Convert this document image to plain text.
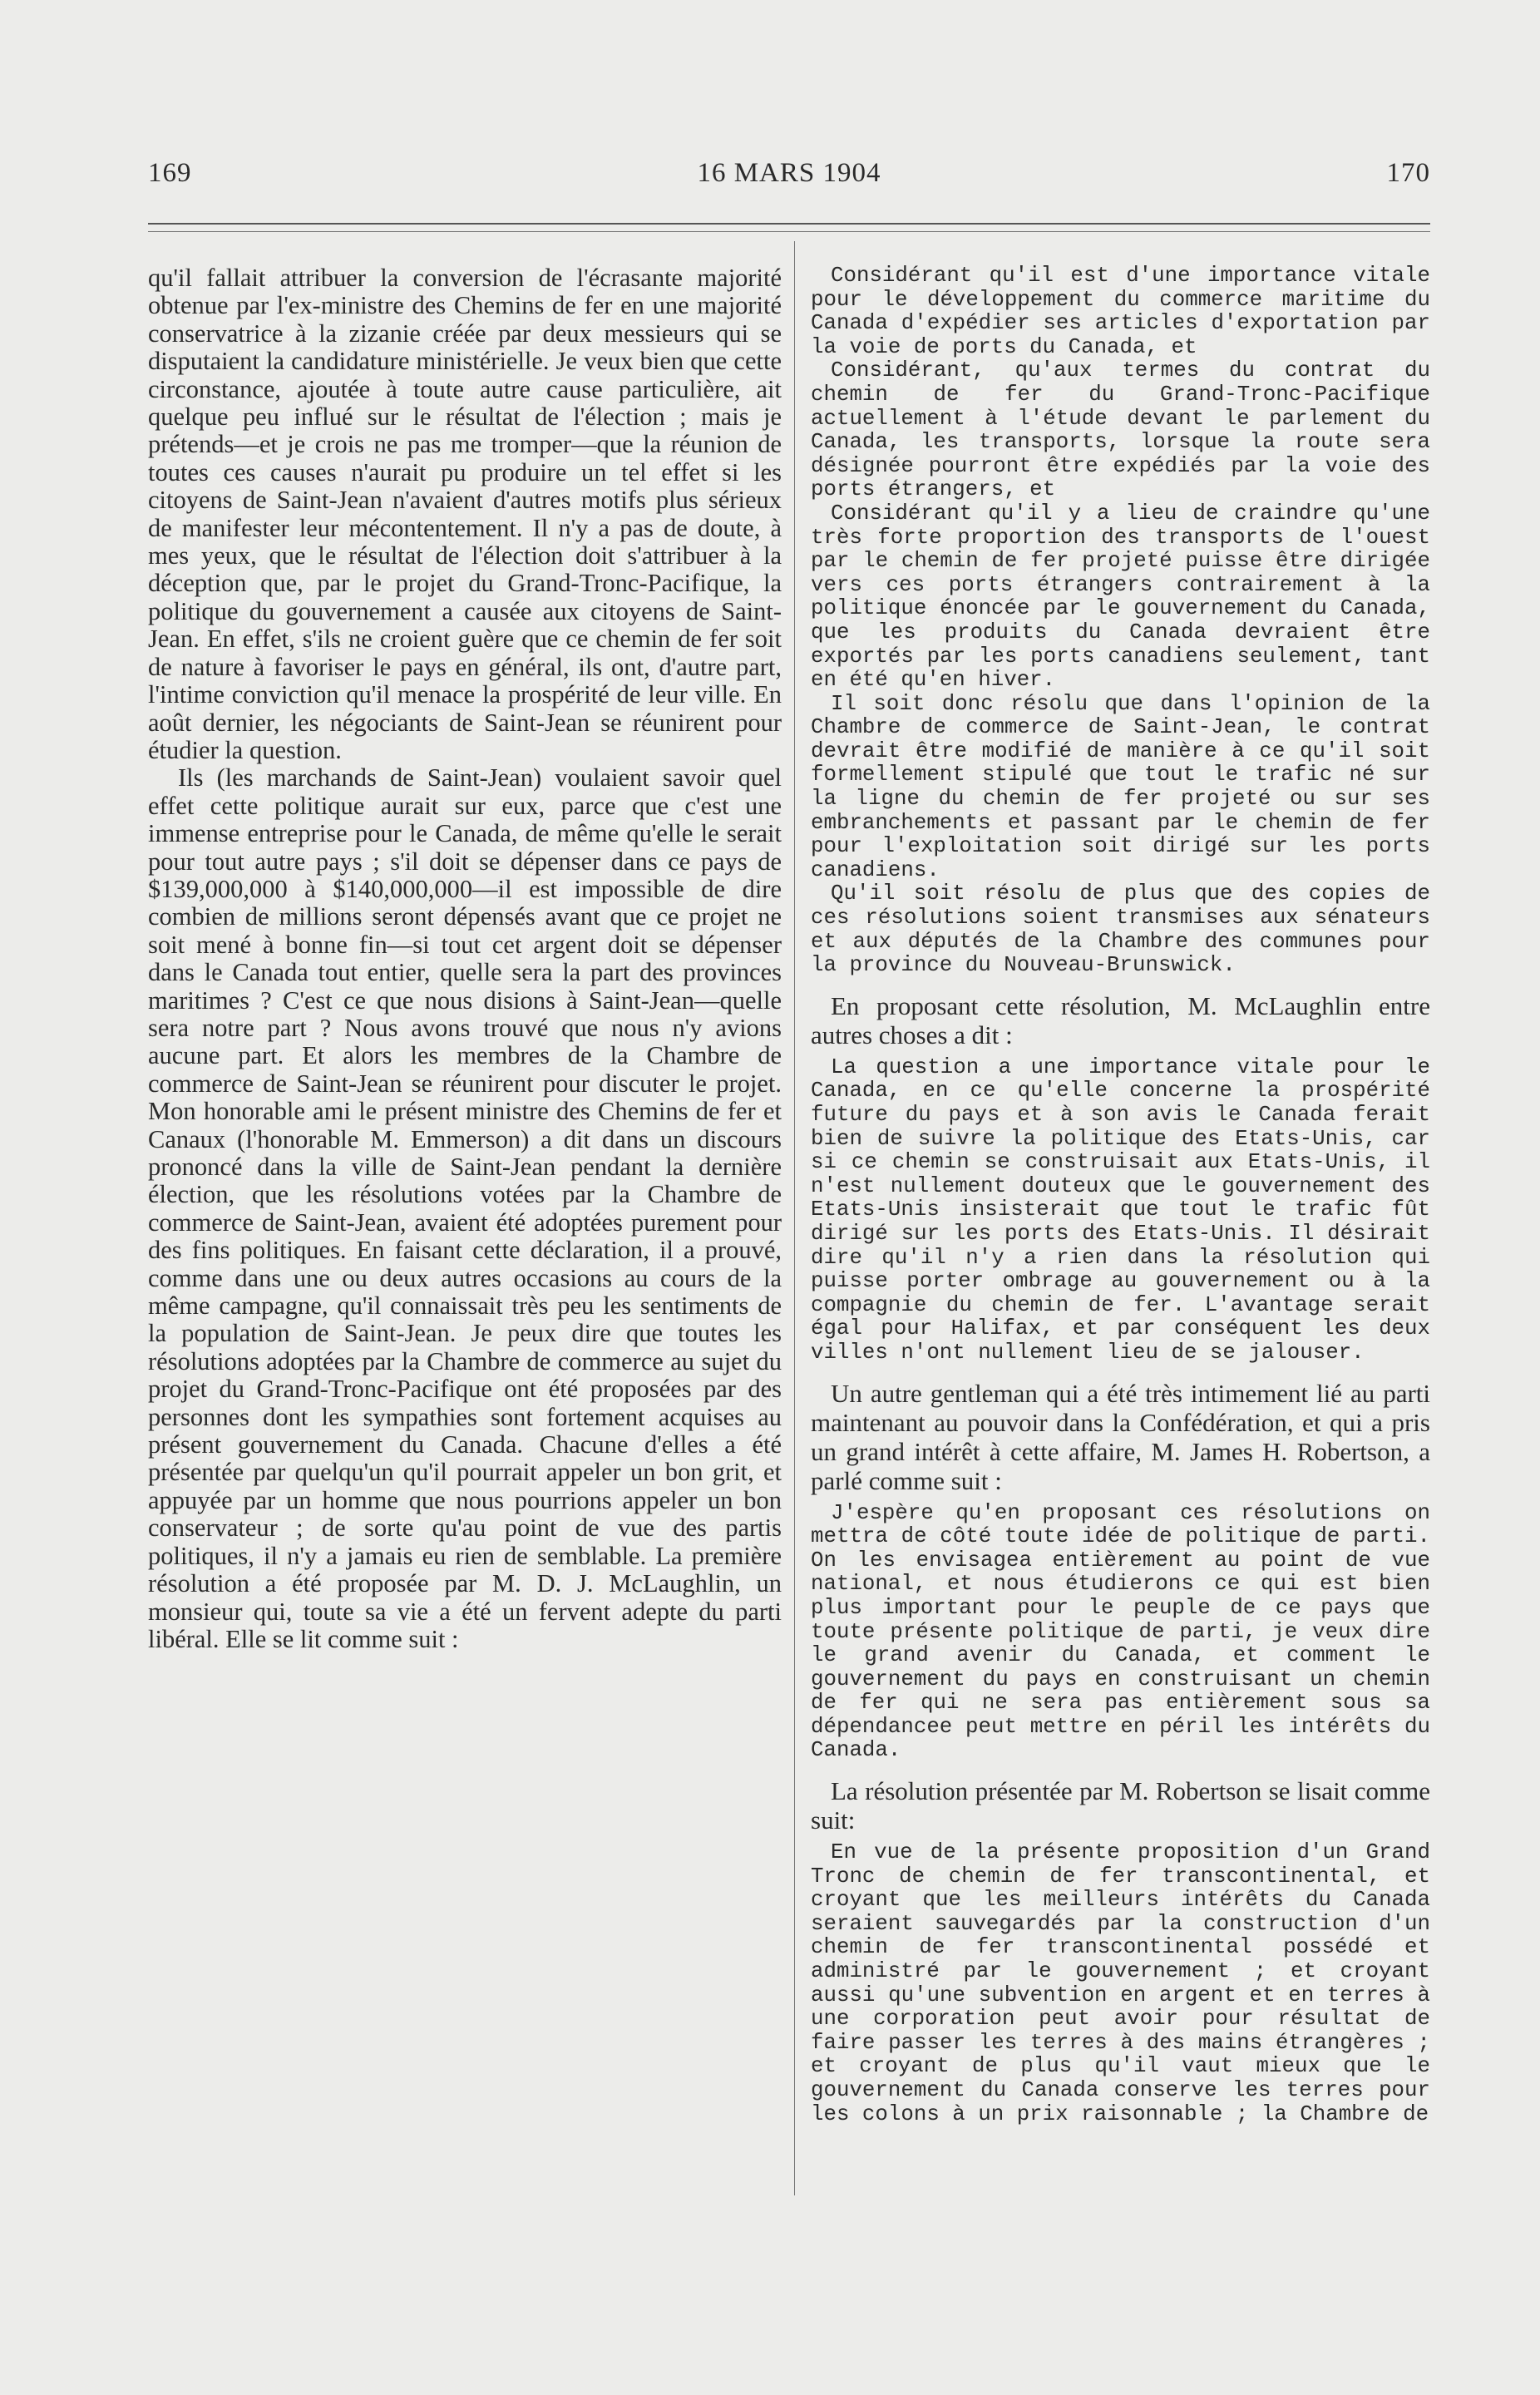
169	16 MARS 1904	170

qu'il fallait attribuer la conversion de l'écrasante majorité obtenue par l'ex-ministre des Chemins de fer en une majorité conservatrice à la zizanie créée par deux messieurs qui se disputaient la candidature ministérielle. Je veux bien que cette circonstance, ajoutée à toute autre cause particulière, ait quelque peu influé sur le résultat de l'élection ; mais je prétends—et je crois ne pas me tromper—que la réunion de toutes ces causes n'aurait pu produire un tel effet si les citoyens de Saint-Jean n'avaient d'autres motifs plus sérieux de manifester leur mécontentement. Il n'y a pas de doute, à mes yeux, que le résultat de l'élection doit s'attribuer à la déception que, par le projet du Grand-Tronc-Pacifique, la politique du gouvernement a causée aux citoyens de Saint-Jean. En effet, s'ils ne croient guère que ce chemin de fer soit de nature à favoriser le pays en général, ils ont, d'autre part, l'intime conviction qu'il menace la prospérité de leur ville. En août dernier, les négociants de Saint-Jean se réunirent pour étudier la question.

Ils (les marchands de Saint-Jean) voulaient savoir quel effet cette politique aurait sur eux, parce que c'est une immense entreprise pour le Canada, de même qu'elle le serait pour tout autre pays ; s'il doit se dépenser dans ce pays de $139,000,000 à $140,000,000—il est impossible de dire combien de millions seront dépensés avant que ce projet ne soit mené à bonne fin—si tout cet argent doit se dépenser dans le Canada tout entier, quelle sera la part des provinces maritimes ? C'est ce que nous disions à Saint-Jean—quelle sera notre part ? Nous avons trouvé que nous n'y avions aucune part. Et alors les membres de la Chambre de commerce de Saint-Jean se réunirent pour discuter le projet. Mon honorable ami le présent ministre des Chemins de fer et Canaux (l'honorable M. Emmerson) a dit dans un discours prononcé dans la ville de Saint-Jean pendant la dernière élection, que les résolutions votées par la Chambre de commerce de Saint-Jean, avaient été adoptées purement pour des fins politiques. En faisant cette déclaration, il a prouvé, comme dans une ou deux autres occasions au cours de la même campagne, qu'il connaissait très peu les sentiments de la population de Saint-Jean. Je peux dire que toutes les résolutions adoptées par la Chambre de commerce au sujet du projet du Grand-Tronc-Pacifique ont été proposées par des personnes dont les sympathies sont fortement acquises au présent gouvernement du Canada. Chacune d'elles a été présentée par quelqu'un qu'il pourrait appeler un bon grit, et appuyée par un homme que nous pourrions appeler un bon conservateur ; de sorte qu'au point de vue des partis politiques, il n'y a jamais eu rien de semblable. La première résolution a été proposée par M. D. J. McLaughlin, un monsieur qui, toute sa vie a été un fervent adepte du parti libéral. Elle se lit comme suit :

Considérant qu'il est d'une importance vitale pour le développement du commerce maritime du Canada d'expédier ses articles d'exportation par la voie de ports du Canada, et

Considérant, qu'aux termes du contrat du chemin de fer du Grand-Tronc-Pacifique actuellement à l'étude devant le parlement du Canada, les transports, lorsque la route sera désignée pourront être expédiés par la voie des ports étrangers, et

Considérant qu'il y a lieu de craindre qu'une très forte proportion des transports de l'ouest par le chemin de fer projeté puisse être dirigée vers ces ports étrangers contrairement à la politique énoncée par le gouvernement du Canada, que les produits du Canada devraient être exportés par les ports canadiens seulement, tant en été qu'en hiver.

Il soit donc résolu que dans l'opinion de la Chambre de commerce de Saint-Jean, le contrat devrait être modifié de manière à ce qu'il soit formellement stipulé que tout le trafic né sur la ligne du chemin de fer projeté ou sur ses embranchements et passant par le chemin de fer pour l'exploitation soit dirigé sur les ports canadiens.

Qu'il soit résolu de plus que des copies de ces résolutions soient transmises aux sénateurs et aux députés de la Chambre des communes pour la province du Nouveau-Brunswick.

En proposant cette résolution, M. McLaughlin entre autres choses a dit :

La question a une importance vitale pour le Canada, en ce qu'elle concerne la prospérité future du pays et à son avis le Canada ferait bien de suivre la politique des Etats-Unis, car si ce chemin se construisait aux Etats-Unis, il n'est nullement douteux que le gouvernement des Etats-Unis insisterait que tout le trafic fût dirigé sur les ports des Etats-Unis. Il désirait dire qu'il n'y a rien dans la résolution qui puisse porter ombrage au gouvernement ou à la compagnie du chemin de fer. L'avantage serait égal pour Halifax, et par conséquent les deux villes n'ont nullement lieu de se jalouser.

Un autre gentleman qui a été très intimement lié au parti maintenant au pouvoir dans la Confédération, et qui a pris un grand intérêt à cette affaire, M. James H. Robertson, a parlé comme suit :

J'espère qu'en proposant ces résolutions on mettra de côté toute idée de politique de parti. On les envisagea entièrement au point de vue national, et nous étudierons ce qui est bien plus important pour le peuple de ce pays que toute présente politique de parti, je veux dire le grand avenir du Canada, et comment le gouvernement du pays en construisant un chemin de fer qui ne sera pas entièrement sous sa dépendancee peut mettre en péril les intérêts du Canada.

La résolution présentée par M. Robertson se lisait comme suit:

En vue de la présente proposition d'un Grand Tronc de chemin de fer transcontinental, et croyant que les meilleurs intérêts du Canada seraient sauvegardés par la construction d'un chemin de fer transcontinental possédé et administré par le gouvernement ; et croyant aussi qu'une subvention en argent et en terres à une corporation peut avoir pour résultat de faire passer les terres à des mains étrangères ; et croyant de plus qu'il vaut mieux que le gouvernement du Canada conserve les terres pour les colons à un prix raisonnable ; la Chambre de
